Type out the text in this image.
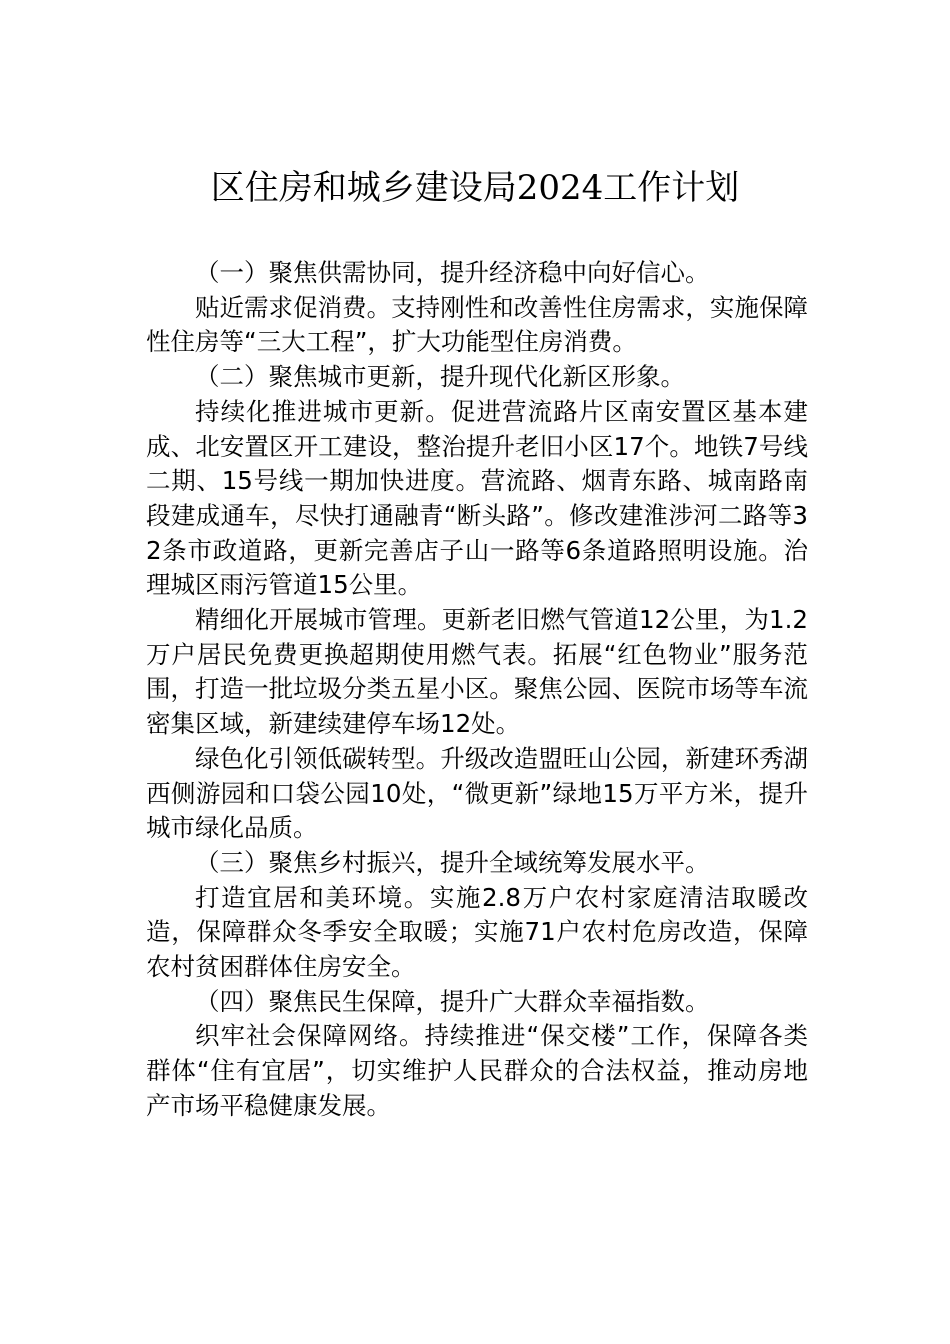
区住房和城乡建设局2024工作计划

（一）聚焦供需协同，提升经济稳中向好信心。

贴近需求促消费。支持刚性和改善性住房需求，实施保障性住房等“三大工程”，扩大功能型住房消费。

（二）聚焦城市更新，提升现代化新区形象。

持续化推进城市更新。促进营流路片区南安置区基本建成、北安置区开工建设，整治提升老旧小区17个。地铁7号线二期、15号线一期加快进度。营流路、烟青东路、城南路南段建成通车，尽快打通融青“断头路”。修改建淮涉河二路等32条市政道路，更新完善店子山一路等6条道路照明设施。治理城区雨污管道15公里。

精细化开展城市管理。更新老旧燃气管道12公里，为1.2万户居民免费更换超期使用燃气表。拓展“红色物业”服务范围，打造一批垃圾分类五星小区。聚焦公园、医院市场等车流密集区域，新建续建停车场12处。

绿色化引领低碳转型。升级改造盟旺山公园，新建环秀湖西侧游园和口袋公园10处，“微更新”绿地15万平方米，提升城市绿化品质。

（三）聚焦乡村振兴，提升全域统筹发展水平。

打造宜居和美环境。实施2.8万户农村家庭清洁取暖改造，保障群众冬季安全取暖；实施71户农村危房改造，保障农村贫困群体住房安全。

（四）聚焦民生保障，提升广大群众幸福指数。

织牢社会保障网络。持续推进“保交楼”工作，保障各类群体“住有宜居”，切实维护人民群众的合法权益，推动房地产市场平稳健康发展。
